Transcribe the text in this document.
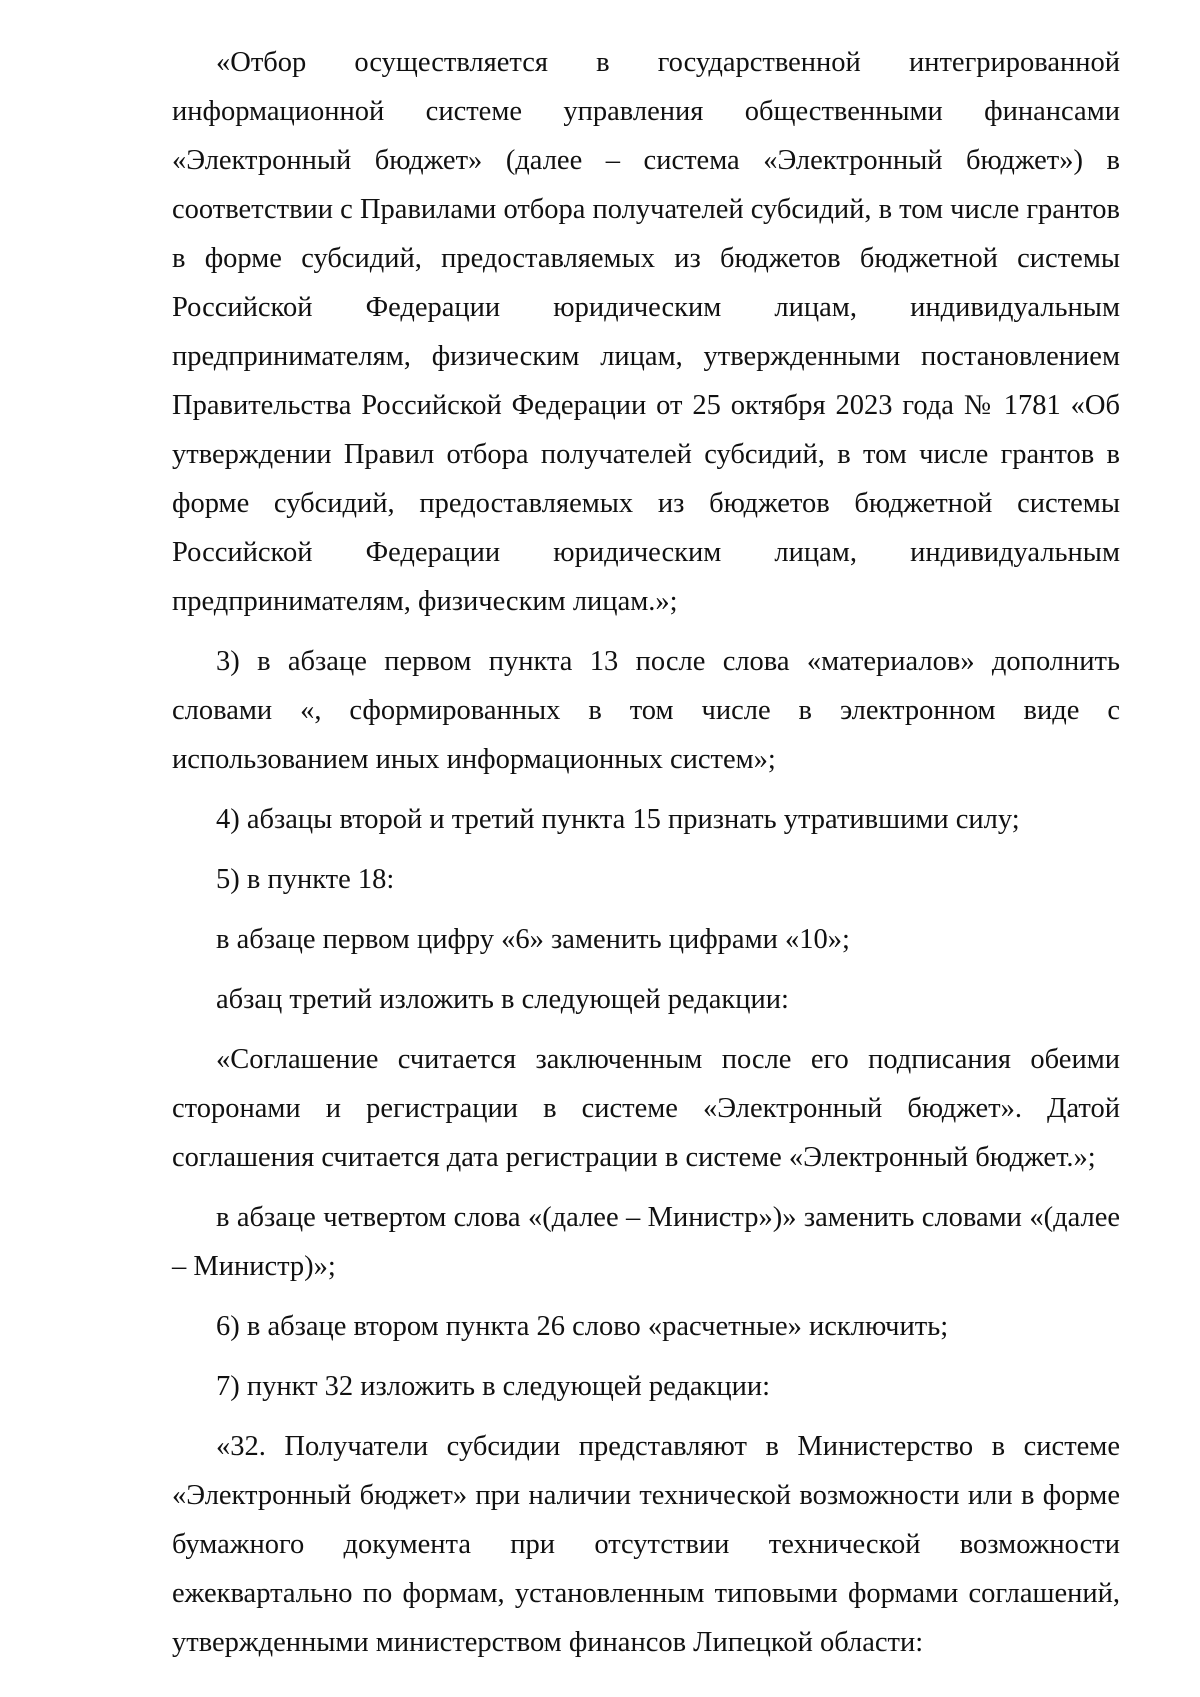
«Отбор осуществляется в государственной интегрированной информационной системе управления общественными финансами «Электронный бюджет» (далее – система «Электронный бюджет») в соответствии с Правилами отбора получателей субсидий, в том числе грантов в форме субсидий, предоставляемых из бюджетов бюджетной системы Российской Федерации юридическим лицам, индивидуальным предпринимателям, физическим лицам, утвержденными постановлением Правительства Российской Федерации от 25 октября 2023 года № 1781 «Об утверждении Правил отбора получателей субсидий, в том числе грантов в форме субсидий, предоставляемых из бюджетов бюджетной системы Российской Федерации юридическим лицам, индивидуальным предпринимателям, физическим лицам.»;

3) в абзаце первом пункта 13 после слова «материалов» дополнить словами «, сформированных в том числе в электронном виде с использованием иных информационных систем»;

4) абзацы второй и третий пункта 15 признать утратившими силу;

5) в пункте 18:

в абзаце первом цифру «6» заменить цифрами «10»;

абзац третий изложить в следующей редакции:

«Соглашение считается заключенным после его подписания обеими сторонами и регистрации в системе «Электронный бюджет». Датой соглашения считается дата регистрации в системе «Электронный бюджет.»;

в абзаце четвертом слова «(далее – Министр»)» заменить словами «(далее – Министр)»;

6) в абзаце втором пункта 26 слово «расчетные» исключить;

7) пункт 32 изложить в следующей редакции:

«32. Получатели субсидии представляют в Министерство в системе «Электронный бюджет» при наличии технической возможности или в форме бумажного документа при отсутствии технической возможности ежеквартально по формам, установленным типовыми формами соглашений, утвержденными министерством финансов Липецкой области:
